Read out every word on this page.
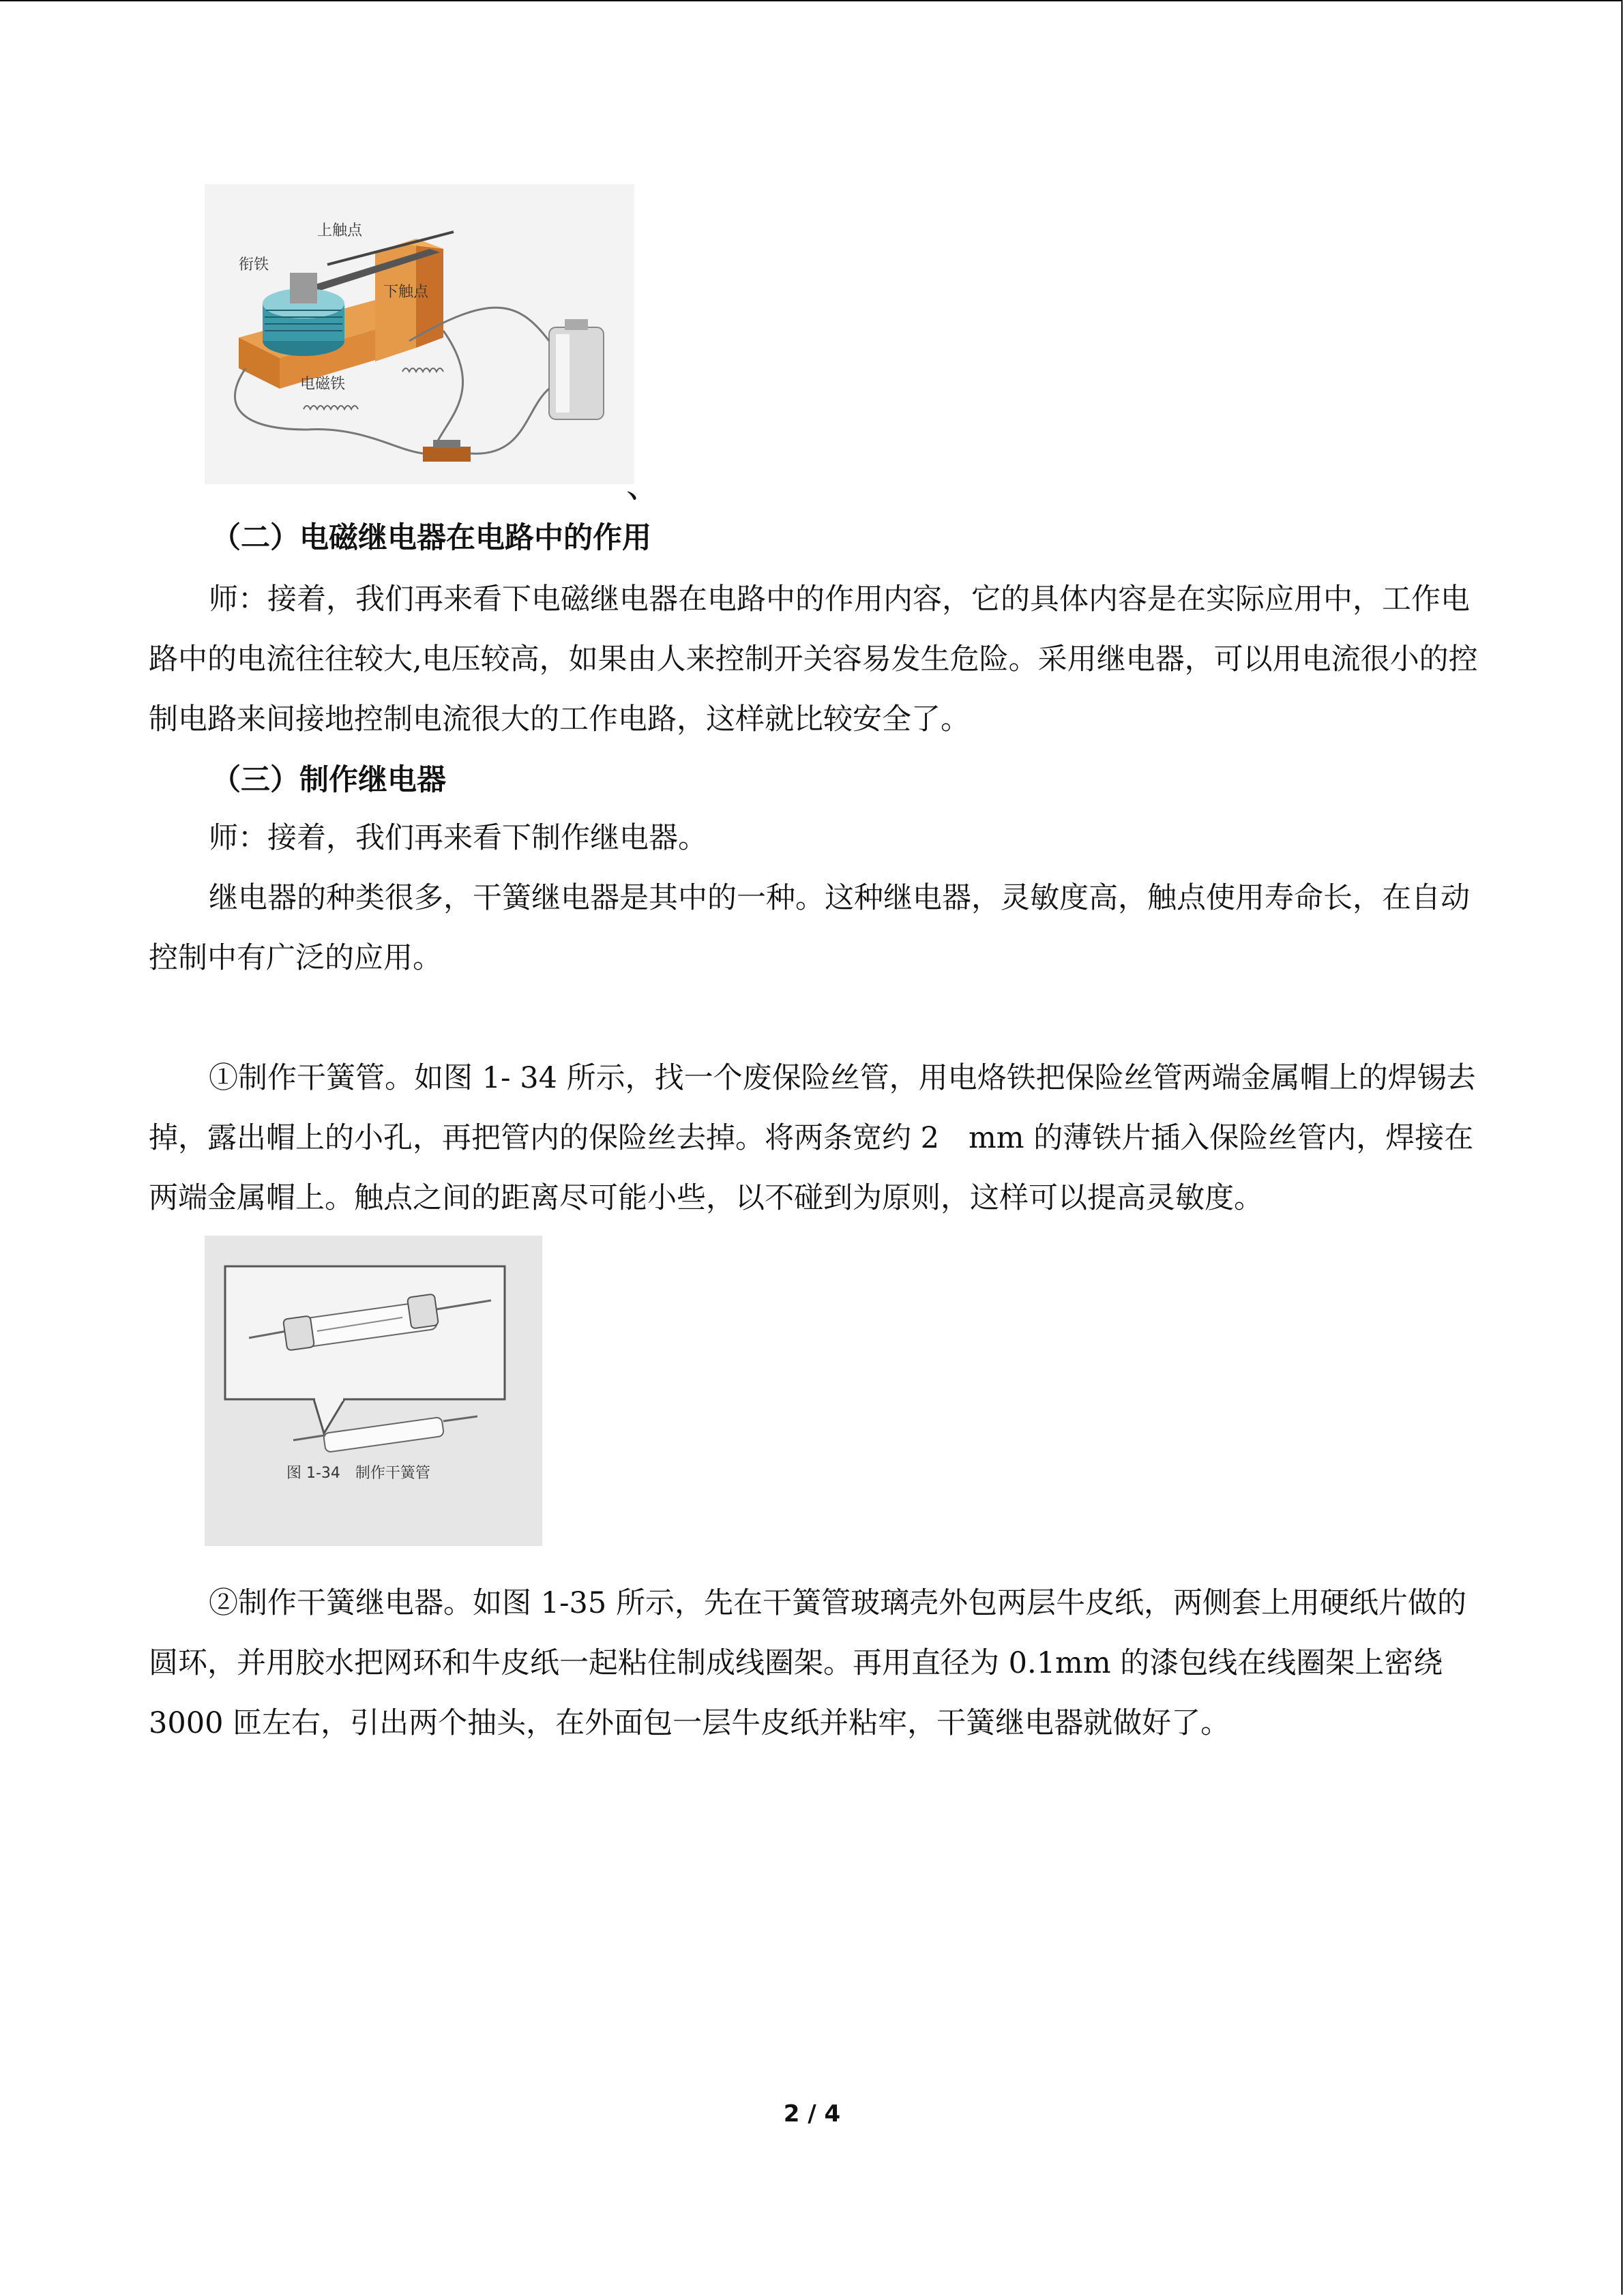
上触点
衔铁
下触点
电磁铁
、
（二）电磁继电器在电路中的作用
师：接着，我们再来看下电磁继电器在电路中的作用内容，它的具体内容是在实际应用中，工作电路中的电流往往较大,电压较高，如果由人来控制开关容易发生危险。采用继电器，可以用电流很小的控制电路来间接地控制电流很大的工作电路，这样就比较安全了。
（三）制作继电器
师：接着，我们再来看下制作继电器。
继电器的种类很多，干簧继电器是其中的一种。这种继电器，灵敏度高，触点使用寿命长，在自动控制中有广泛的应用。
①制作干簧管。如图 1- 34 所示，找一个废保险丝管，用电烙铁把保险丝管两端金属帽上的焊锡去掉，露出帽上的小孔，再把管内的保险丝去掉。将两条宽约 2　mm 的薄铁片插入保险丝管内，焊接在两端金属帽上。触点之间的距离尽可能小些，以不碰到为原则，这样可以提高灵敏度。
图 1-34　制作干簧管
②制作干簧继电器。如图 1-35 所示，先在干簧管玻璃壳外包两层牛皮纸，两侧套上用硬纸片做的圆环，并用胶水把网环和牛皮纸一起粘住制成线圈架。再用直径为 0.1mm 的漆包线在线圈架上密绕 3000 匝左右，引出两个抽头，在外面包一层牛皮纸并粘牢，干簧继电器就做好了。
2 / 4
